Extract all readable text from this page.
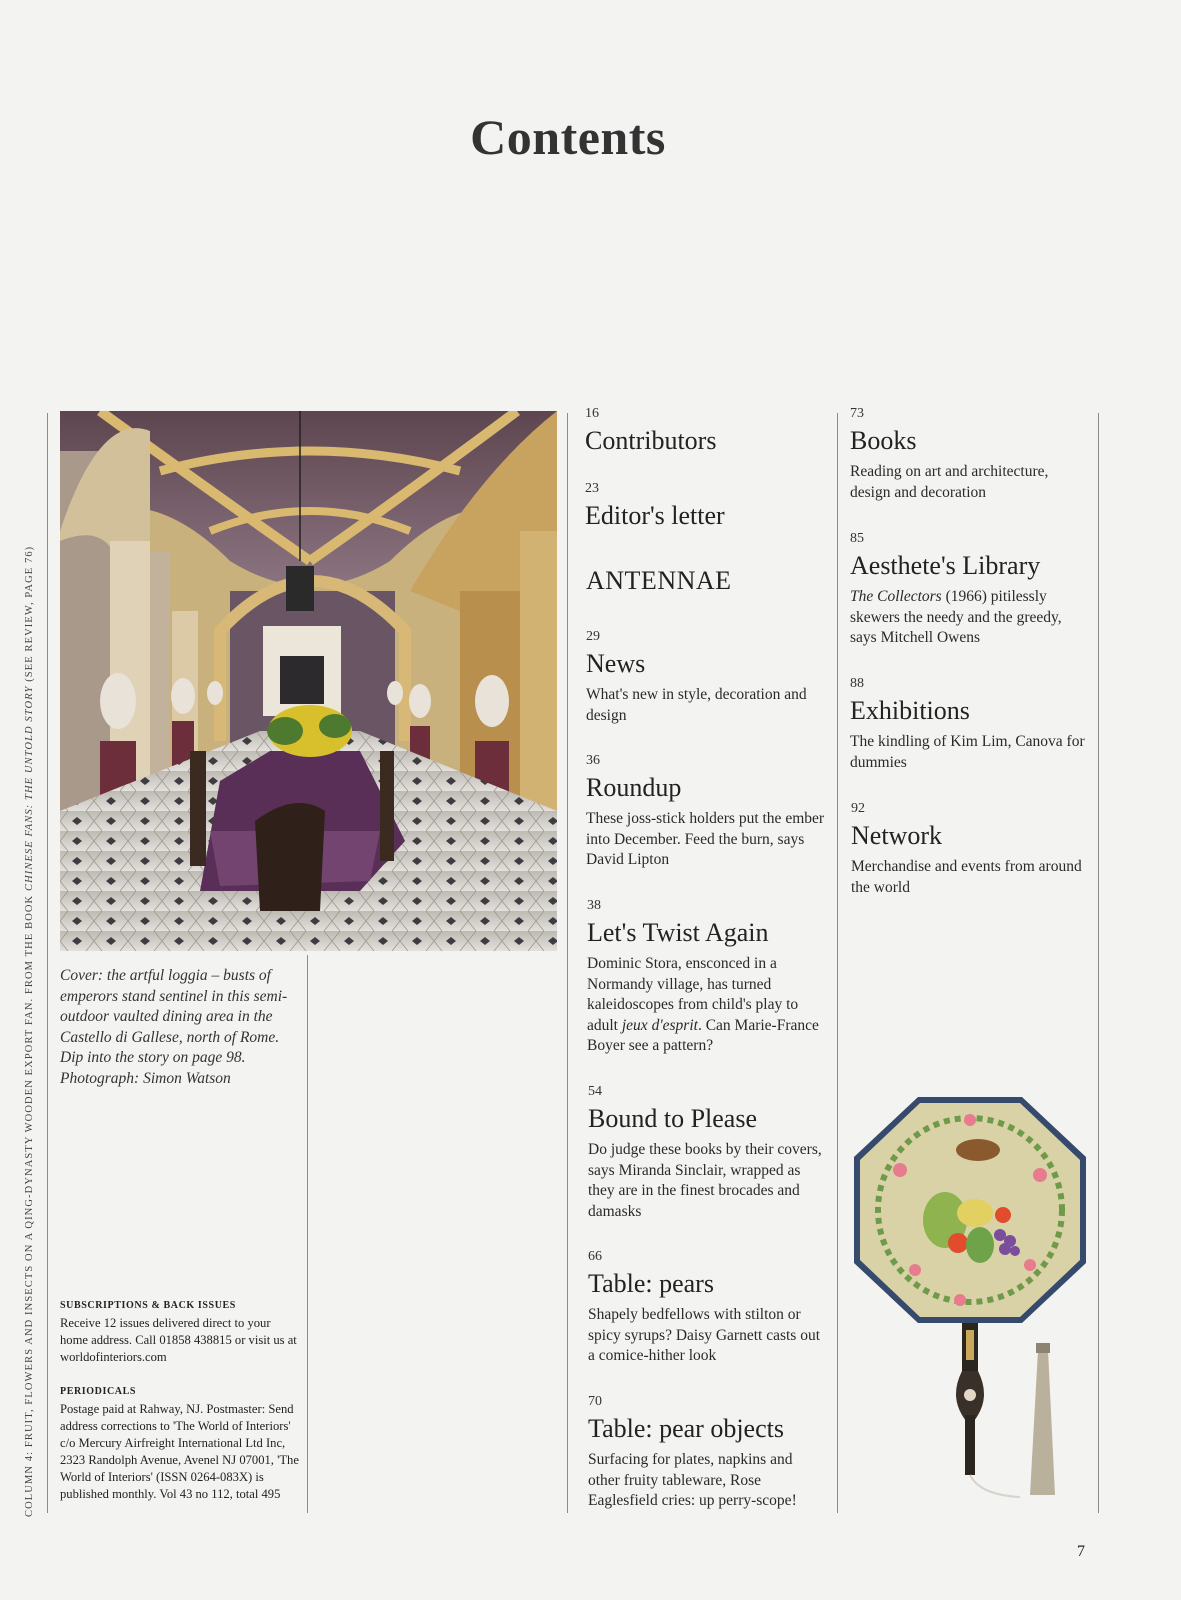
Contents
COLUMN 4: FRUIT, FLOWERS AND INSECTS ON A QING-DYNASTY WOODEN EXPORT FAN. FROM THE BOOK CHINESE FANS: THE UNTOLD STORY (SEE REVIEW, PAGE 76)
Cover: the artful loggia – busts of emperors stand sentinel in this semi-outdoor vaulted dining area in the Castello di Gallese, north of Rome. Dip into the story on page 98. Photograph: Simon Watson
SUBSCRIPTIONS & BACK ISSUES
Receive 12 issues delivered direct to your home address. Call 01858 438815 or visit us at worldofinteriors.com
PERIODICALS
Postage paid at Rahway, NJ. Postmaster: Send address corrections to 'The World of Interiors' c/o Mercury Airfreight International Ltd Inc, 2323 Randolph Avenue, Avenel NJ 07001, 'The World of Interiors' (ISSN 0264-083X) is published monthly. Vol 43 no 112, total 495
16
Contributors
23
Editor's letter
ANTENNAE
29
News
What's new in style, decoration and design
36
Roundup
These joss-stick holders put the ember into December. Feed the burn, says David Lipton
38
Let's Twist Again
Dominic Stora, ensconced in a Normandy village, has turned kaleidoscopes from child's play to adult jeux d'esprit. Can Marie-France Boyer see a pattern?
54
Bound to Please
Do judge these books by their covers, says Miranda Sinclair, wrapped as they are in the finest brocades and damasks
66
Table: pears
Shapely bedfellows with stilton or spicy syrups? Daisy Garnett casts out a comice-hither look
70
Table: pear objects
Surfacing for plates, napkins and other fruity tableware, Rose Eaglesfield cries: up perry-scope!
73
Books
Reading on art and architecture, design and decoration
85
Aesthete's Library
The Collectors (1966) pitilessly skewers the needy and the greedy, says Mitchell Owens
88
Exhibitions
The kindling of Kim Lim, Canova for dummies
92
Network
Merchandise and events from around the world
7
